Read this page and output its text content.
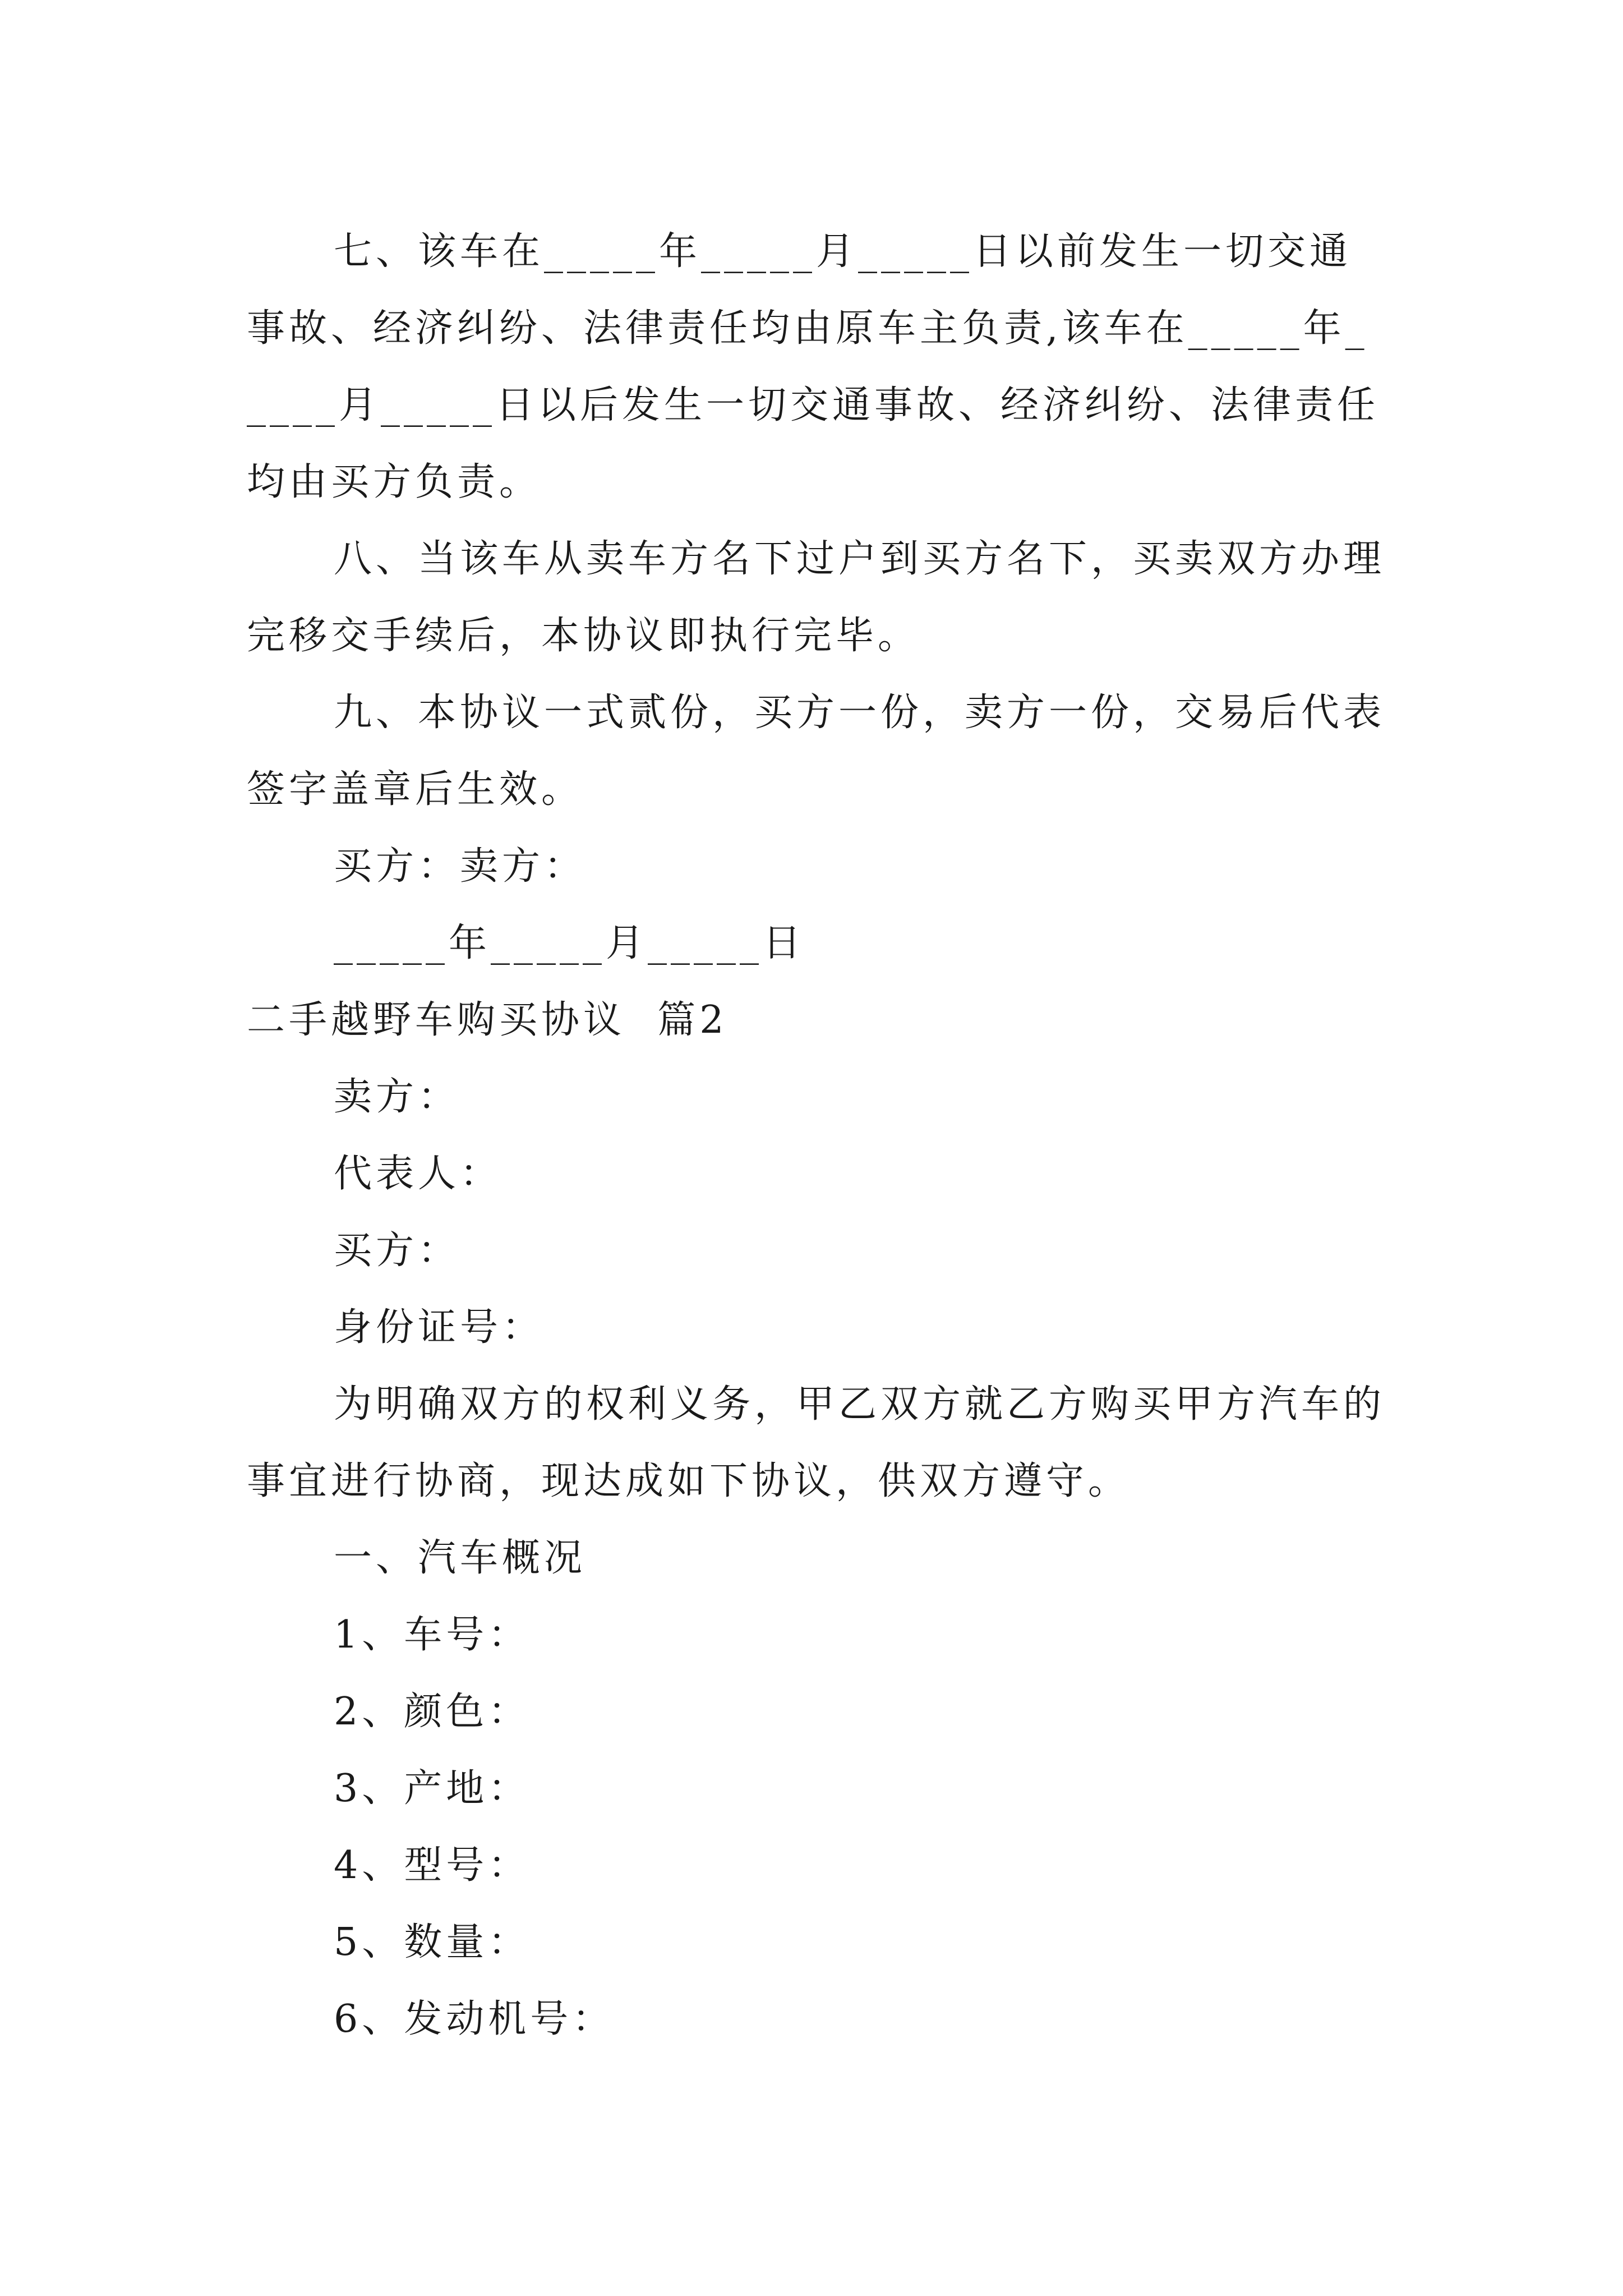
七、该车在_____年_____月_____日以前发生一切交通事故、经济纠纷、法律责任均由原车主负责,该车在_____年_____月_____日以后发生一切交通事故、经济纠纷、法律责任均由买方负责。

八、当该车从卖车方名下过户到买方名下，买卖双方办理完移交手续后，本协议即执行完毕。

九、本协议一式贰份，买方一份，卖方一份，交易后代表签字盖章后生效。

买方：卖方：

_____年_____月_____日

二手越野车购买协议  篇2

卖方：

代表人：

买方：

身份证号：

为明确双方的权利义务，甲乙双方就乙方购买甲方汽车的事宜进行协商，现达成如下协议，供双方遵守。

一、汽车概况

1、车号：

2、颜色：

3、产地：

4、型号：

5、数量：

6、发动机号：
